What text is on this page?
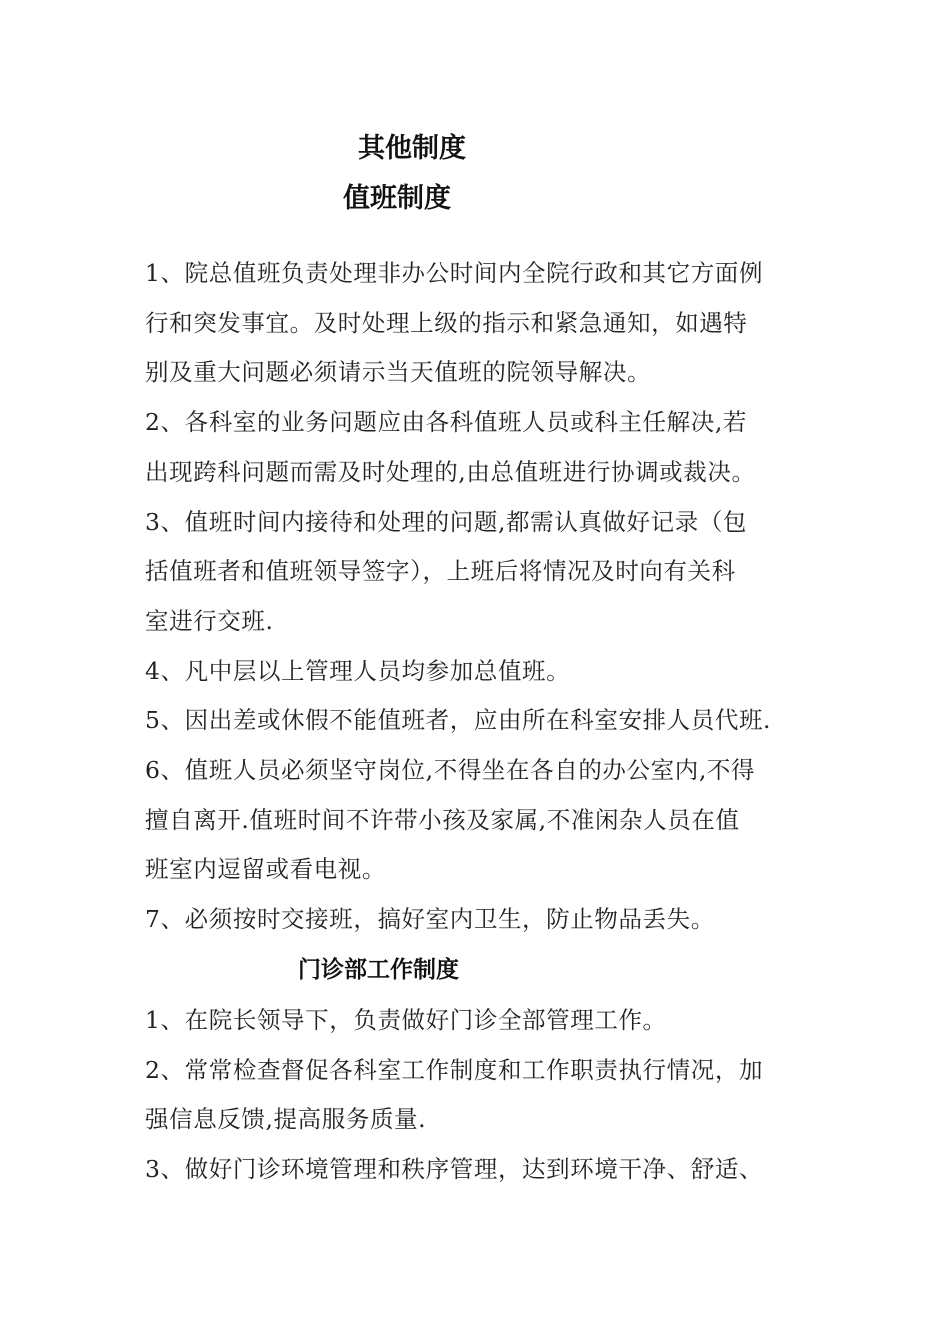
其他制度
值班制度

1、院总值班负责处理非办公时间内全院行政和其它方面例
行和突发事宜。及时处理上级的指示和紧急通知，如遇特
别及重大问题必须请示当天值班的院领导解决。

2、各科室的业务问题应由各科值班人员或科主任解决,若
出现跨科问题而需及时处理的,由总值班进行协调或裁决。

3、值班时间内接待和处理的问题,都需认真做好记录（包
括值班者和值班领导签字），上班后将情况及时向有关科
室进行交班.

4、凡中层以上管理人员均参加总值班。

5、因出差或休假不能值班者，应由所在科室安排人员代班.

6、值班人员必须坚守岗位,不得坐在各自的办公室内,不得
擅自离开.值班时间不许带小孩及家属,不准闲杂人员在值
班室内逗留或看电视。

7、必须按时交接班，搞好室内卫生，防止物品丢失。

门诊部工作制度

1、在院长领导下，负责做好门诊全部管理工作。

2、常常检查督促各科室工作制度和工作职责执行情况，加
强信息反馈,提高服务质量.

3、做好门诊环境管理和秩序管理，达到环境干净、舒适、
